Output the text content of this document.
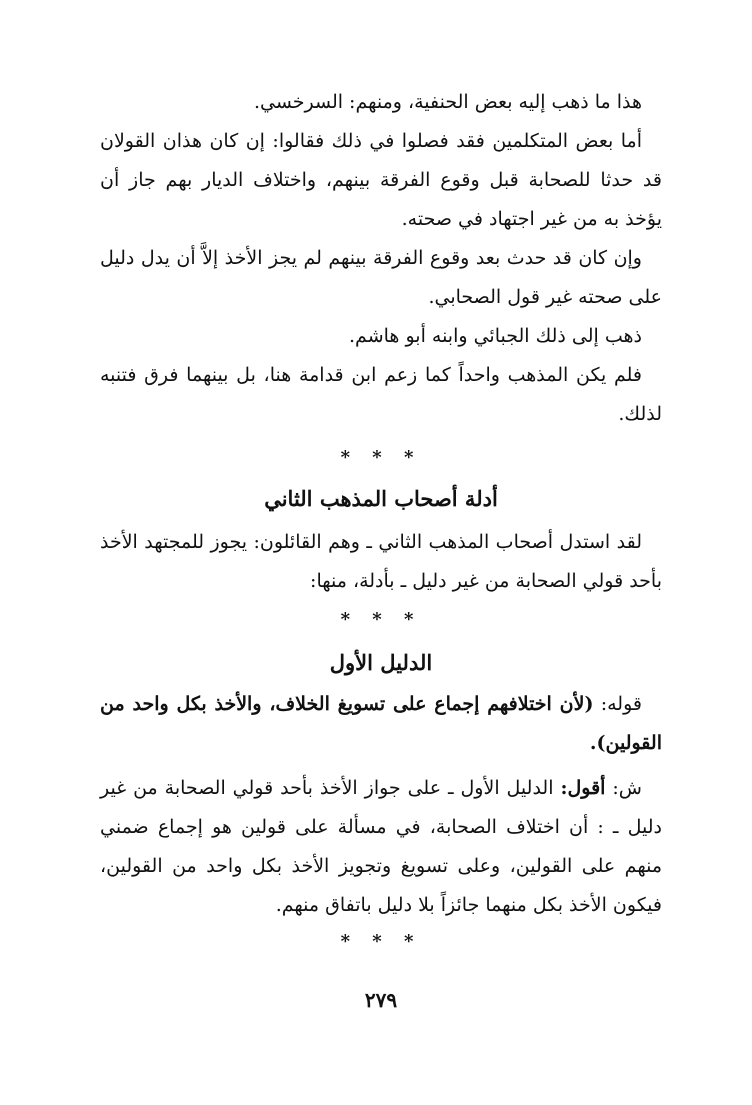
هذا ما ذهب إليه بعض الحنفية، ومنهم: السرخسي.

أما بعض المتكلمين فقد فصلوا في ذلك فقالوا: إن كان هذان القولان قد حدثا للصحابة قبل وقوع الفرقة بينهم، واختلاف الديار بهم جاز أن يؤخذ به من غير اجتهاد في صحته.

وإن كان قد حدث بعد وقوع الفرقة بينهم لم يجز الأخذ إلاَّ أن يدل دليل على صحته غير قول الصحابي.

ذهب إلى ذلك الجبائي وابنه أبو هاشم.

فلم يكن المذهب واحداً كما زعم ابن قدامة هنا، بل بينهما فرق فتنبه لذلك.

* * *
أدلة أصحاب المذهب الثاني

لقد استدل أصحاب المذهب الثاني ـ وهم القائلون: يجوز للمجتهد الأخذ بأحد قولي الصحابة من غير دليل ـ بأدلة، منها:

* * *
الدليل الأول

قوله: (لأن اختلافهم إجماع على تسويغ الخلاف، والأخذ بكل واحد من القولين).

ش: أقول: الدليل الأول ـ على جواز الأخذ بأحد قولي الصحابة من غير دليل ـ : أن اختلاف الصحابة، في مسألة على قولين هو إجماع ضمني منهم على القولين، وعلى تسويغ وتجويز الأخذ بكل واحد من القولين، فيكون الأخذ بكل منهما جائزاً بلا دليل باتفاق منهم.

* * *
٢٧٩
